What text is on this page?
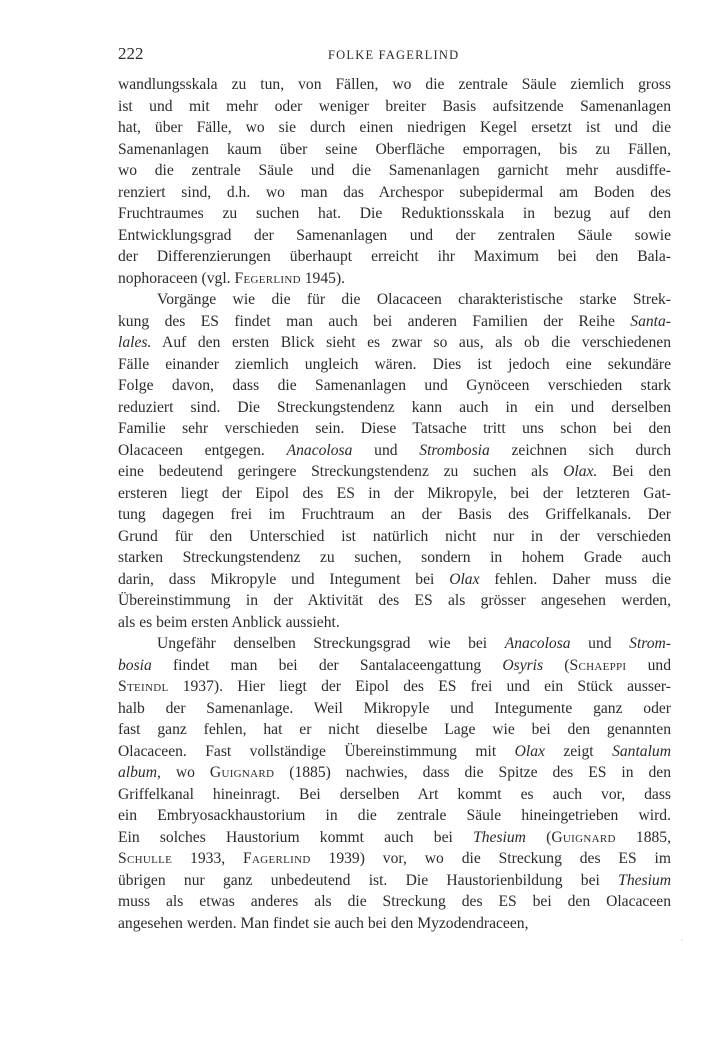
222	FOLKE FAGERLIND
wandlungsskala zu tun, von Fällen, wo die zentrale Säule ziemlich gross
ist und mit mehr oder weniger breiter Basis aufsitzende Samenanlagen
hat, über Fälle, wo sie durch einen niedrigen Kegel ersetzt ist und die
Samenanlagen kaum über seine Oberfläche emporragen, bis zu Fällen,
wo die zentrale Säule und die Samenanlagen garnicht mehr ausdiffe-
renziert sind, d.h. wo man das Archespor subepidermal am Boden des
Fruchtraumes zu suchen hat. Die Reduktionsskala in bezug auf den
Entwicklungsgrad der Samenanlagen und der zentralen Säule sowie
der Differenzierungen überhaupt erreicht ihr Maximum bei den Bala-
nophoraceen (vgl. Fegerlind 1945).
Vorgänge wie die für die Olacaceen charakteristische starke Strek-
kung des ES findet man auch bei anderen Familien der Reihe Santa-
lales. Auf den ersten Blick sieht es zwar so aus, als ob die verschiedenen
Fälle einander ziemlich ungleich wären. Dies ist jedoch eine sekundäre
Folge davon, dass die Samenanlagen und Gynöceen verschieden stark
reduziert sind. Die Streckungstendenz kann auch in ein und derselben
Familie sehr verschieden sein. Diese Tatsache tritt uns schon bei den
Olacaceen entgegen. Anacolosa und Strombosia zeichnen sich durch
eine bedeutend geringere Streckungstendenz zu suchen als Olax. Bei den
ersteren liegt der Eipol des ES in der Mikropyle, bei der letzteren Gat-
tung dagegen frei im Fruchtraum an der Basis des Griffelkanals. Der
Grund für den Unterschied ist natürlich nicht nur in der verschieden
starken Streckungstendenz zu suchen, sondern in hohem Grade auch
darin, dass Mikropyle und Integument bei Olax fehlen. Daher muss die
Übereinstimmung in der Aktivität des ES als grösser angesehen werden,
als es beim ersten Anblick aussieht.
Ungefähr denselben Streckungsgrad wie bei Anacolosa und Strom-
bosia findet man bei der Santalaceengattung Osyris (Schaeppi und
Steindl 1937). Hier liegt der Eipol des ES frei und ein Stück ausser-
halb der Samenanlage. Weil Mikropyle und Integumente ganz oder
fast ganz fehlen, hat er nicht dieselbe Lage wie bei den genannten
Olacaceen. Fast vollständige Übereinstimmung mit Olax zeigt Santalum
album, wo Guignard (1885) nachwies, dass die Spitze des ES in den
Griffelkanal hineinragt. Bei derselben Art kommt es auch vor, dass
ein Embryosackhaustorium in die zentrale Säule hineingetrieben wird.
Ein solches Haustorium kommt auch bei Thesium (Guignard 1885,
Schulle 1933, Fagerlind 1939) vor, wo die Streckung des ES im
übrigen nur ganz unbedeutend ist. Die Haustorienbildung bei Thesium
muss als etwas anderes als die Streckung des ES bei den Olacaceen
angesehen werden. Man findet sie auch bei den Myzodendraceen,
,
